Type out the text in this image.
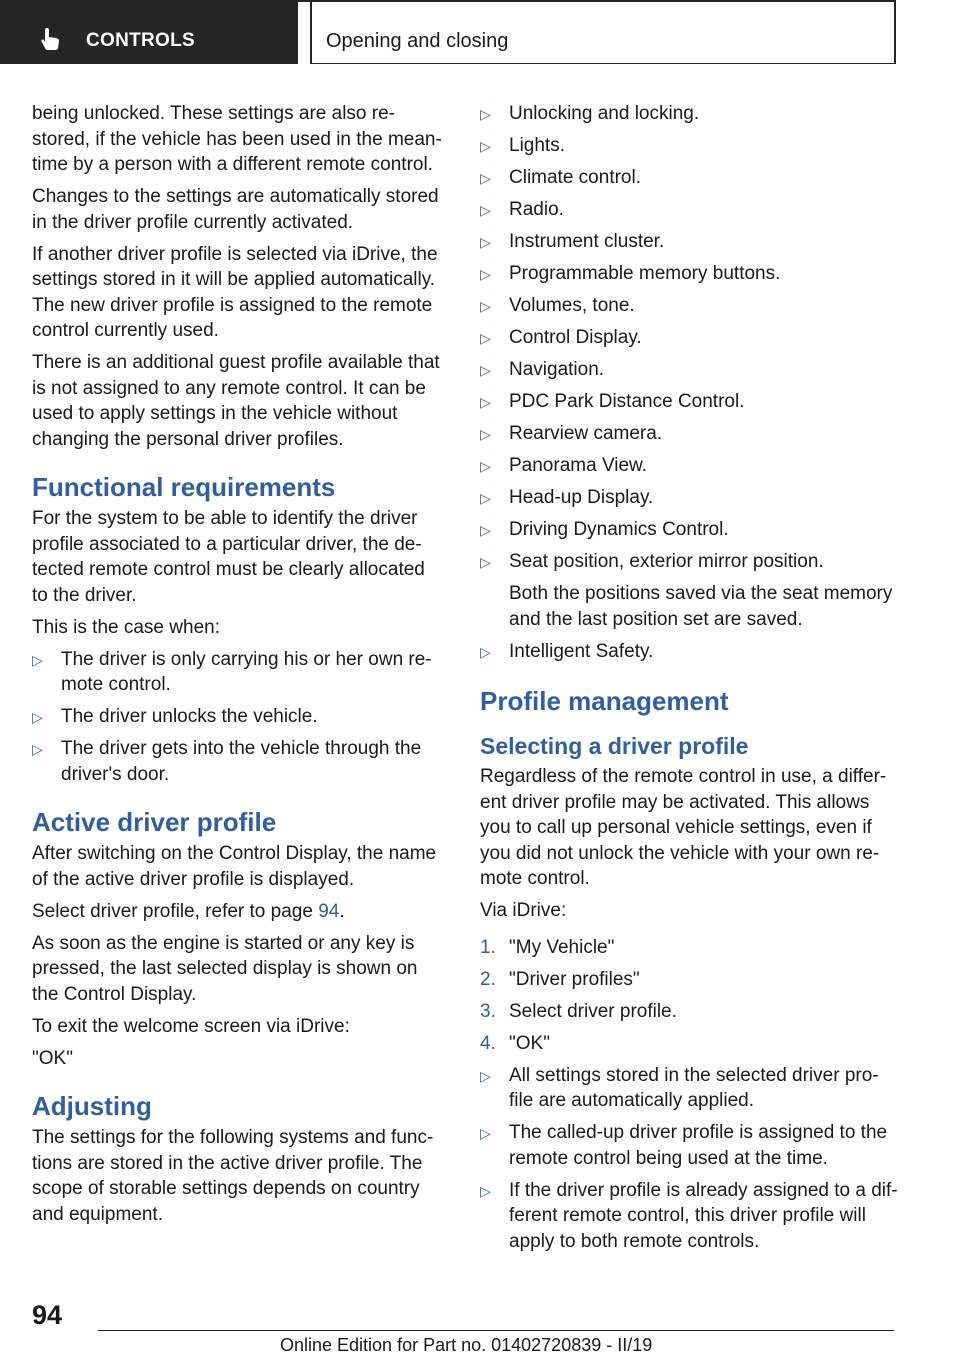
CONTROLS	Opening and closing

being unlocked. These settings are also re-stored, if the vehicle has been used in the mean-time by a person with a different remote control.

Changes to the settings are automatically stored in the driver profile currently activated.

If another driver profile is selected via iDrive, the settings stored in it will be applied automatically. The new driver profile is assigned to the remote control currently used.

There is an additional guest profile available that is not assigned to any remote control. It can be used to apply settings in the vehicle without changing the personal driver profiles.

Functional requirements

For the system to be able to identify the driver profile associated to a particular driver, the de-tected remote control must be clearly allocated to the driver.

This is the case when:

▷ The driver is only carrying his or her own re-mote control.
▷ The driver unlocks the vehicle.
▷ The driver gets into the vehicle through the driver's door.
Active driver profile

After switching on the Control Display, the name of the active driver profile is displayed.

Select driver profile, refer to page 94.

As soon as the engine is started or any key is pressed, the last selected display is shown on the Control Display.

To exit the welcome screen via iDrive:

"OK"

Adjusting

The settings for the following systems and func-tions are stored in the active driver profile. The scope of storable settings depends on country and equipment.

▷ Unlocking and locking.
▷ Lights.
▷ Climate control.
▷ Radio.
▷ Instrument cluster.
▷ Programmable memory buttons.
▷ Volumes, tone.
▷ Control Display.
▷ Navigation.
▷ PDC Park Distance Control.
▷ Rearview camera.
▷ Panorama View.
▷ Head-up Display.
▷ Driving Dynamics Control.
▷ Seat position, exterior mirror position.
Both the positions saved via the seat memory and the last position set are saved.
▷ Intelligent Safety.
Profile management
Selecting a driver profile

Regardless of the remote control in use, a differ-ent driver profile may be activated. This allows you to call up personal vehicle settings, even if you did not unlock the vehicle with your own re-mote control.

Via iDrive:

1. "My Vehicle"
2. "Driver profiles"
3. Select driver profile.
4. "OK"
▷ All settings stored in the selected driver pro-file are automatically applied.
▷ The called-up driver profile is assigned to the remote control being used at the time.
▷ If the driver profile is already assigned to a dif-ferent remote control, this driver profile will apply to both remote controls.
94
Online Edition for Part no. 01402720839 - II/19
